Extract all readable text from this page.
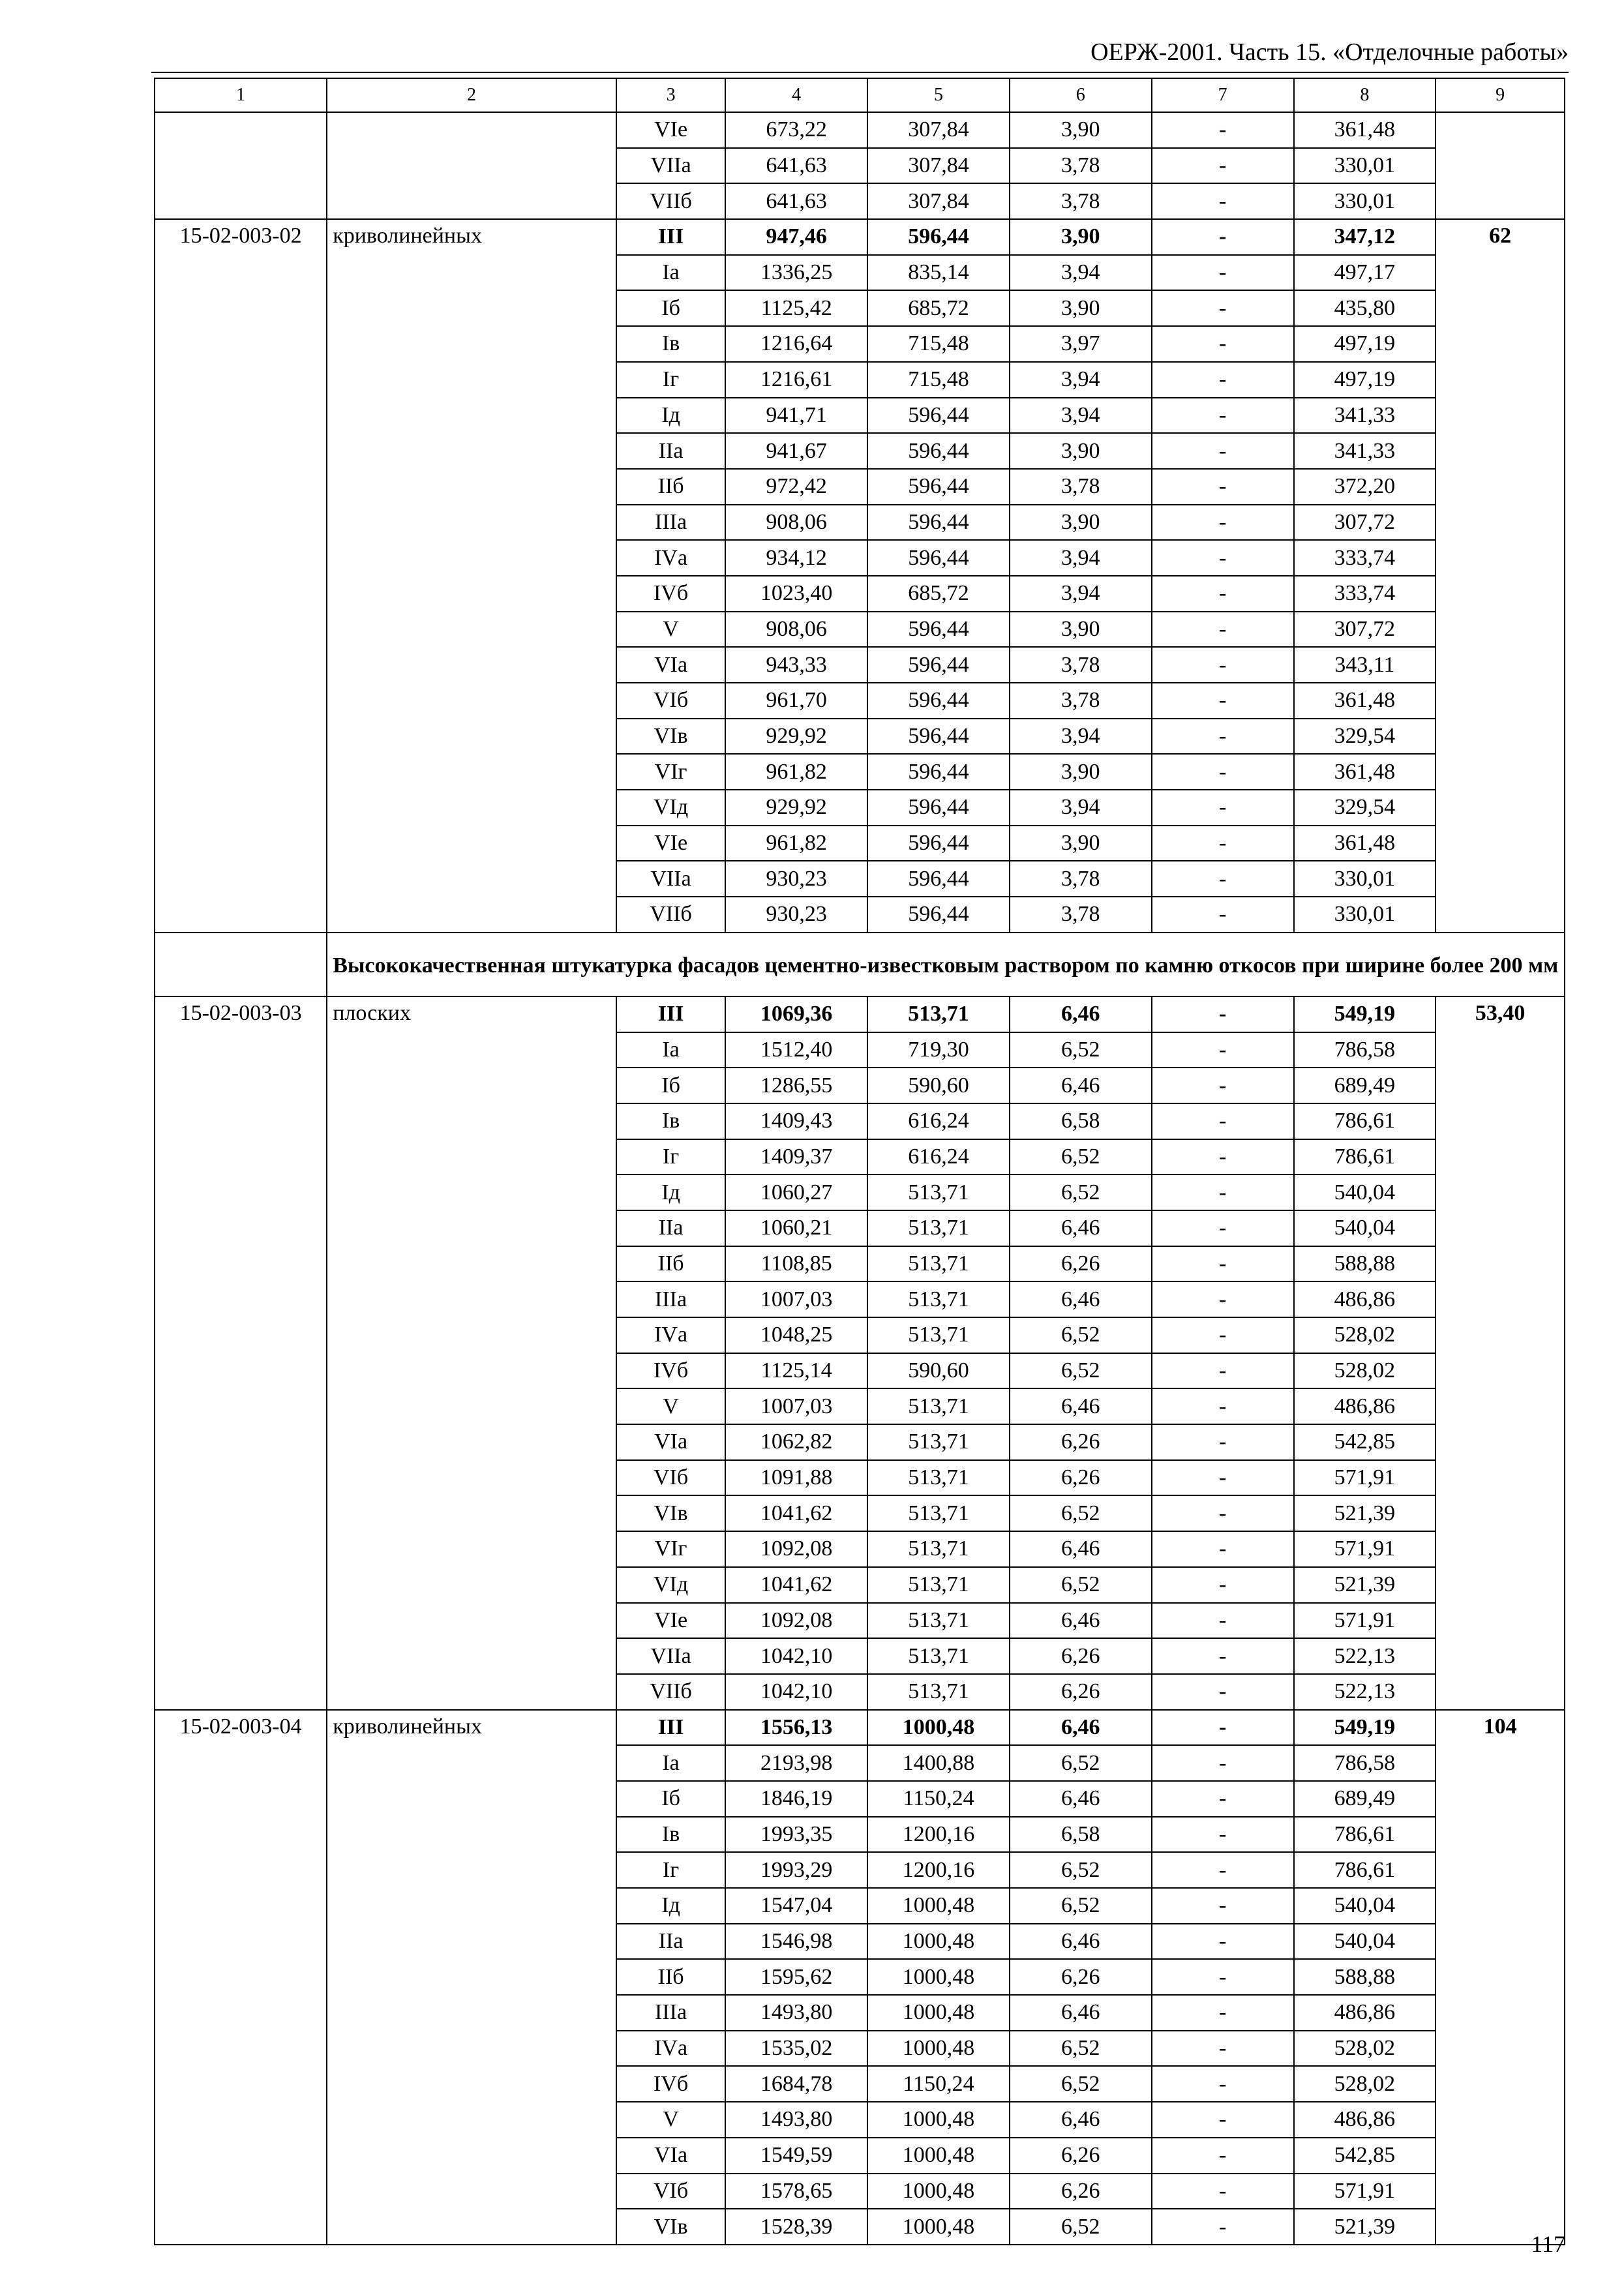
ОЕРЖ-2001. Часть 15. «Отделочные работы»
1	2	3	4	5	6	7	8	9
		VIе	673,22	307,84	3,90	-	361,48	
		VIIа	641,63	307,84	3,78	-	330,01	
		VIIб	641,63	307,84	3,78	-	330,01	
15-02-003-02	криволинейных	III	947,46	596,44	3,90	-	347,12	62
		Iа	1336,25	835,14	3,94	-	497,17	
		Iб	1125,42	685,72	3,90	-	435,80	
		Iв	1216,64	715,48	3,97	-	497,19	
		Iг	1216,61	715,48	3,94	-	497,19	
		Iд	941,71	596,44	3,94	-	341,33	
		IIа	941,67	596,44	3,90	-	341,33	
		IIб	972,42	596,44	3,78	-	372,20	
		IIIа	908,06	596,44	3,90	-	307,72	
		IVа	934,12	596,44	3,94	-	333,74	
		IVб	1023,40	685,72	3,94	-	333,74	
		V	908,06	596,44	3,90	-	307,72	
		VIа	943,33	596,44	3,78	-	343,11	
		VIб	961,70	596,44	3,78	-	361,48	
		VIв	929,92	596,44	3,94	-	329,54	
		VIг	961,82	596,44	3,90	-	361,48	
		VIд	929,92	596,44	3,94	-	329,54	
		VIе	961,82	596,44	3,90	-	361,48	
		VIIа	930,23	596,44	3,78	-	330,01	
		VIIб	930,23	596,44	3,78	-	330,01	
	Высококачественная штукатурка фасадов цементно-известковым раствором по камню откосов при ширине более 200 мм							
15-02-003-03	плоских	III	1069,36	513,71	6,46	-	549,19	53,40
		Iа	1512,40	719,30	6,52	-	786,58	
		Iб	1286,55	590,60	6,46	-	689,49	
		Iв	1409,43	616,24	6,58	-	786,61	
		Iг	1409,37	616,24	6,52	-	786,61	
		Iд	1060,27	513,71	6,52	-	540,04	
		IIа	1060,21	513,71	6,46	-	540,04	
		IIб	1108,85	513,71	6,26	-	588,88	
		IIIа	1007,03	513,71	6,46	-	486,86	
		IVа	1048,25	513,71	6,52	-	528,02	
		IVб	1125,14	590,60	6,52	-	528,02	
		V	1007,03	513,71	6,46	-	486,86	
		VIа	1062,82	513,71	6,26	-	542,85	
		VIб	1091,88	513,71	6,26	-	571,91	
		VIв	1041,62	513,71	6,52	-	521,39	
		VIг	1092,08	513,71	6,46	-	571,91	
		VIд	1041,62	513,71	6,52	-	521,39	
		VIе	1092,08	513,71	6,46	-	571,91	
		VIIа	1042,10	513,71	6,26	-	522,13	
		VIIб	1042,10	513,71	6,26	-	522,13	
15-02-003-04	криволинейных	III	1556,13	1000,48	6,46	-	549,19	104
		Iа	2193,98	1400,88	6,52	-	786,58	
		Iб	1846,19	1150,24	6,46	-	689,49	
		Iв	1993,35	1200,16	6,58	-	786,61	
		Iг	1993,29	1200,16	6,52	-	786,61	
		Iд	1547,04	1000,48	6,52	-	540,04	
		IIа	1546,98	1000,48	6,46	-	540,04	
		IIб	1595,62	1000,48	6,26	-	588,88	
		IIIа	1493,80	1000,48	6,46	-	486,86	
		IVа	1535,02	1000,48	6,52	-	528,02	
		IVб	1684,78	1150,24	6,52	-	528,02	
		V	1493,80	1000,48	6,46	-	486,86	
		VIа	1549,59	1000,48	6,26	-	542,85	
		VIб	1578,65	1000,48	6,26	-	571,91	
		VIв	1528,39	1000,48	6,52	-	521,39	
117
